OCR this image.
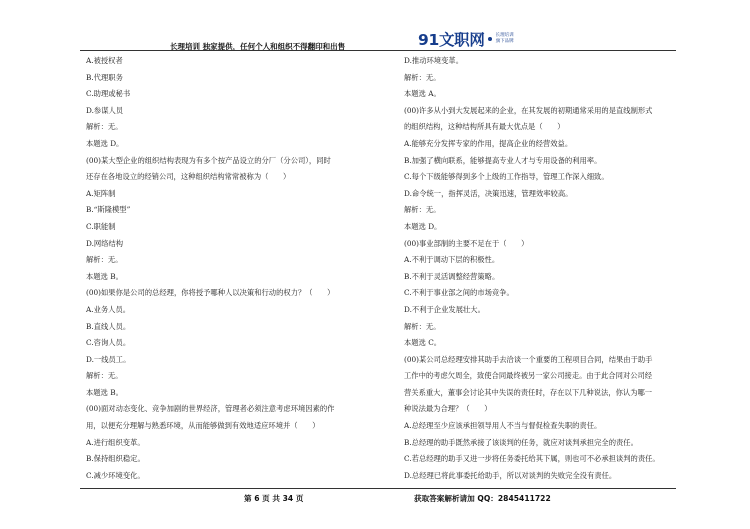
长理培训 独家提供，任何个人和组织不得翻印和出售	91文职网 长理培训
旗下品牌

A.被授权者

B.代理职务

C.助理或秘书

D.参谋人员

解析：无。

本题选 D。

(00)某大型企业的组织结构表现为有多个按产品设立的分厂（分公司），同时

还存在各地设立的经销公司，这种组织结构常常被称为（　　）

A.矩阵制

B.“斯隆模型”

C.职能制

D.网络结构

解析：无。

本题选 B。

(00)如果你是公司的总经理，你将授予哪种人以决策和行动的权力？（　　）

A.业务人员。

B.直线人员。

C.咨询人员。

D.一线员工。

解析：无。

本题选 B。

(00)面对动态变化、竞争加剧的世界经济，管理者必须注意考虑环境因素的作

用，以便充分理解与熟悉环境，从而能够做到有效地适应环境并（　　）

A.进行组织变革。

B.保持组织稳定。

C.减少环境变化。

D.推动环境变革。

解析：无。

本题选 A。

(00)许多从小到大发展起来的企业，在其发展的初期通常采用的是直线制形式

的组织结构，这种结构所具有最大优点是（　　）

A.能够充分发挥专家的作用，提高企业的经营效益。

B.加强了横向联系，能够提高专业人才与专用设备的利用率。

C.每个下级能够得到多个上级的工作指导，管理工作深入细致。

D.命令统一，指挥灵活，决策迅速，管理效率较高。

解析：无。

本题选 D。

(00)事业部制的主要不足在于（　　）

A.不利于调动下层的积极性。

B.不利于灵活调整经营策略。

C.不利于事业部之间的市场竞争。

D.不利于企业发展壮大。

解析：无。

本题选 C。

(00)某公司总经理安排其助手去洽谈一个重要的工程项目合同，结果由于助手

工作中的考虑欠周全，致使合同最终被另一家公司接走。由于此合同对公司经

营关系重大，董事会讨论其中失误的责任时，存在以下几种说法，你认为哪一

种说法最为合理？（　　）

A.总经理至少应该承担领导用人不当与督促检查失职的责任。

B.总经理的助手既然承接了该谈判的任务，就应对谈判承担完全的责任。

C.若总经理的助手又进一步将任务委托给其下属，则也可不必承担谈判的责任。

D.总经理已将此事委托给助手，所以对谈判的失败完全没有责任。

第 6 页 共 34 页	获取答案解析请加 QQ：2845411722
